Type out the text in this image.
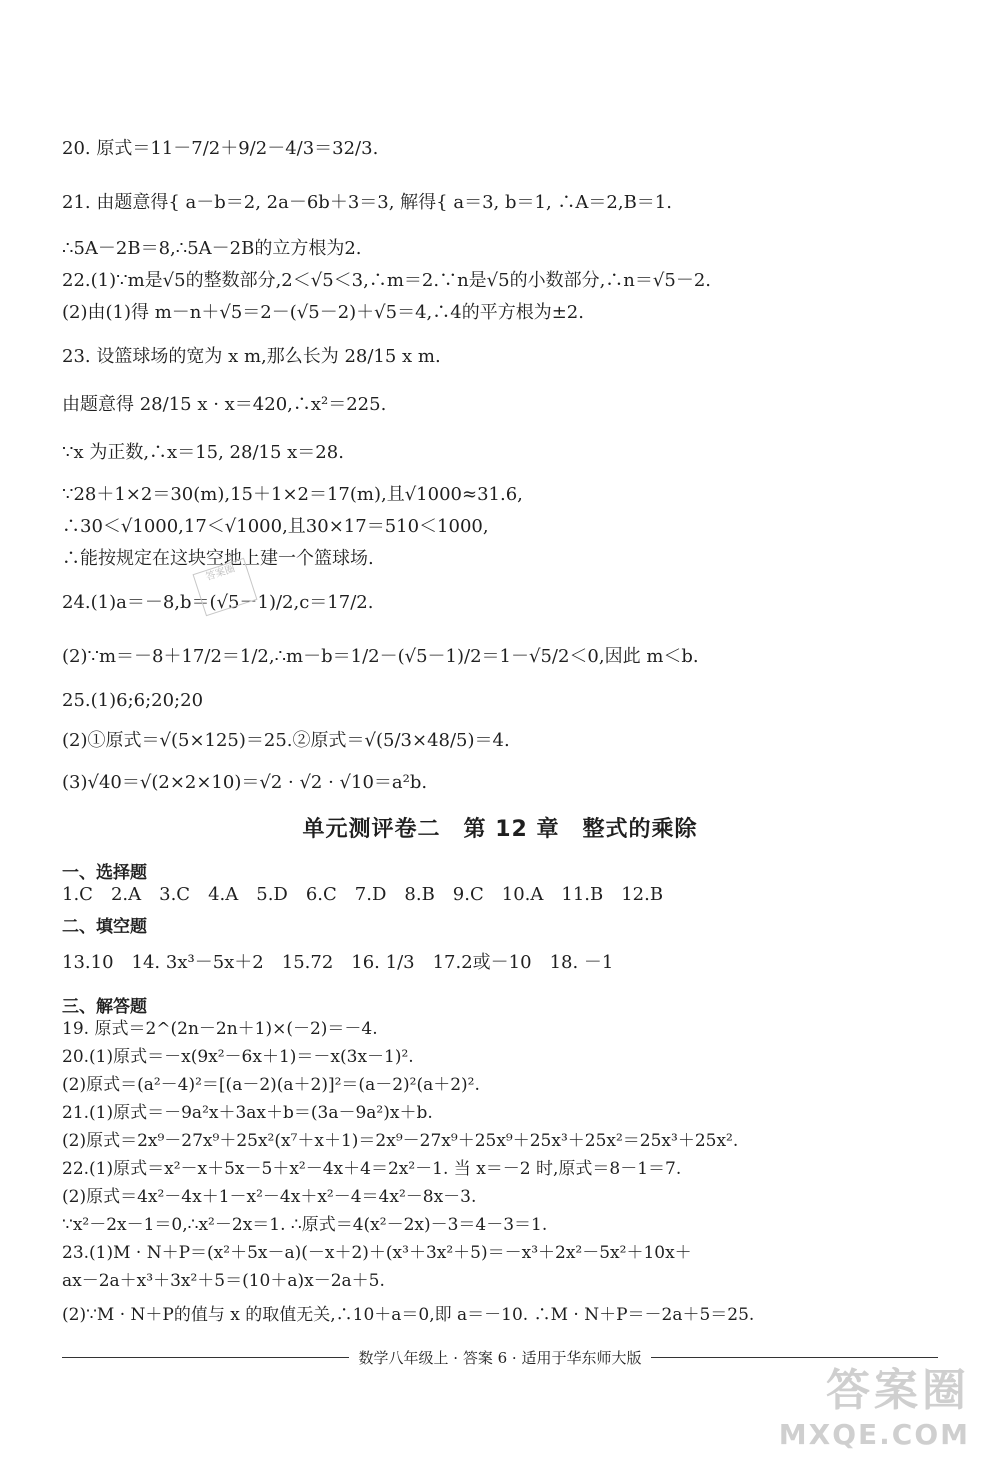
20. 原式＝11－7/2＋9/2－4/3＝32/3.
21. 由题意得{ a－b＝2, 2a－6b＋3＝3, 解得{ a＝3, b＝1, ∴A＝2,B＝1.
∴5A－2B＝8,∴5A－2B的立方根为2.
22.(1)∵m是√5的整数部分,2＜√5＜3,∴m＝2.∵n是√5的小数部分,∴n＝√5－2.
(2)由(1)得 m－n＋√5＝2－(√5－2)＋√5＝4,∴4的平方根为±2.
23. 设篮球场的宽为 x m,那么长为 28/15 x m.
由题意得 28/15 x · x＝420,∴x²＝225.
∵x 为正数,∴x＝15, 28/15 x＝28.
∵28＋1×2＝30(m),15＋1×2＝17(m),且√1000≈31.6,
∴30＜√1000,17＜√1000,且30×17＝510＜1000,
∴能按规定在这块空地上建一个篮球场.
24.(1)a＝－8,b＝(√5－1)/2,c＝17/2.
(2)∵m＝－8＋17/2＝1/2,∴m－b＝1/2－(√5－1)/2＝1－√5/2＜0,因此 m＜b.
25.(1)6;6;20;20
(2)①原式＝√(5×125)＝25.②原式＝√(5/3×48/5)＝4.
(3)√40＝√(2×2×10)＝√2 · √2 · √10＝a²b.
答案圈
单元测评卷二　第 12 章　整式的乘除
一、选择题
1.C　2.A　3.C　4.A　5.D　6.C　7.D　8.B　9.C　10.A　11.B　12.B
二、填空题
13.10　14. 3x³－5x＋2　15.72　16. 1/3　17.2或－10　18. －1
三、解答题
19. 原式＝2^(2n－2n＋1)×(－2)＝－4.
20.(1)原式＝－x(9x²－6x＋1)＝－x(3x－1)².
(2)原式＝(a²－4)²＝[(a－2)(a＋2)]²＝(a－2)²(a＋2)².
21.(1)原式＝－9a²x＋3ax＋b＝(3a－9a²)x＋b.
(2)原式＝2x⁹－27x⁹＋25x²(x⁷＋x＋1)＝2x⁹－27x⁹＋25x⁹＋25x³＋25x²＝25x³＋25x².
22.(1)原式＝x²－x＋5x－5＋x²－4x＋4＝2x²－1. 当 x＝－2 时,原式＝8－1＝7.
(2)原式＝4x²－4x＋1－x²－4x＋x²－4＝4x²－8x－3.
∵x²－2x－1＝0,∴x²－2x＝1. ∴原式＝4(x²－2x)－3＝4－3＝1.
23.(1)M · N＋P＝(x²＋5x－a)(－x＋2)＋(x³＋3x²＋5)＝－x³＋2x²－5x²＋10x＋
ax－2a＋x³＋3x²＋5＝(10＋a)x－2a＋5.
(2)∵M · N＋P的值与 x 的取值无关,∴10＋a＝0,即 a＝－10. ∴M · N＋P＝－2a＋5＝25.
数学八年级上 · 答案 6 · 适用于华东师大版
答案圈
MXQE.COM
